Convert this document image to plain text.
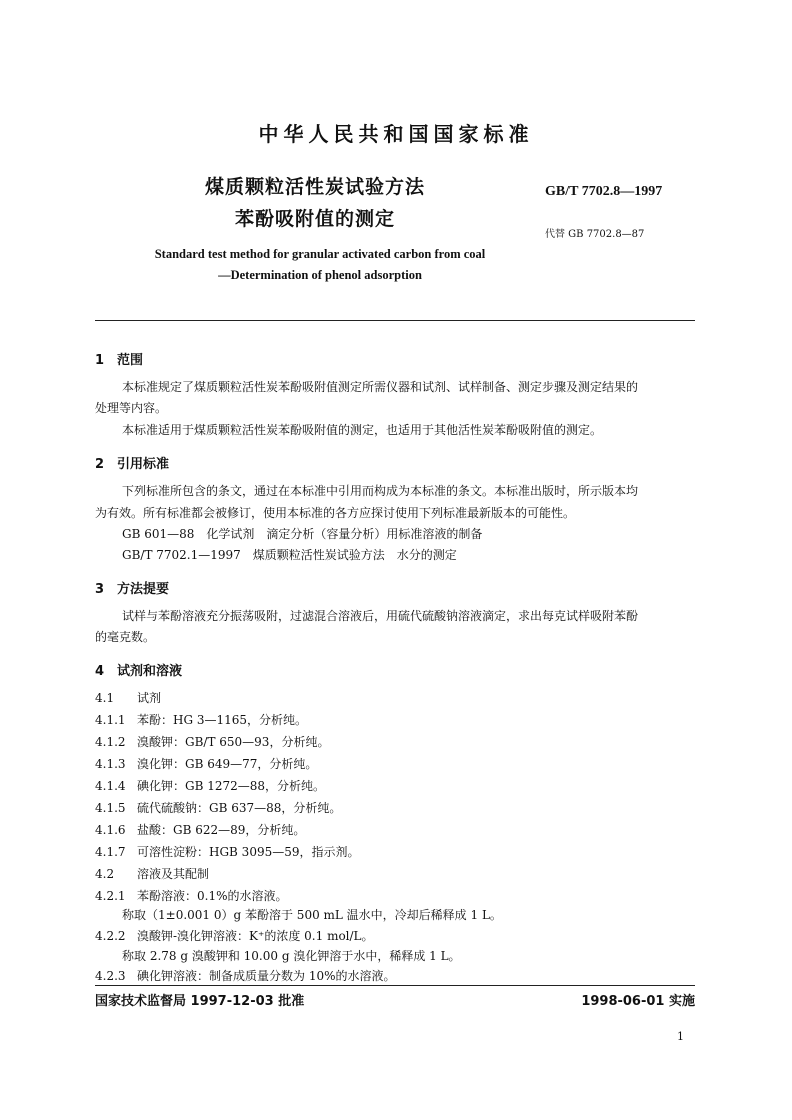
中华人民共和国国家标准
煤质颗粒活性炭试验方法
苯酚吸附值的测定
GB/T 7702.8—1997
代替 GB 7702.8—87
Standard test method for granular activated carbon from coal
—Determination of phenol adsorption
1 范围
本标准规定了煤质颗粒活性炭苯酚吸附值测定所需仪器和试剂、试样制备、测定步骤及测定结果的
处理等内容。
本标准适用于煤质颗粒活性炭苯酚吸附值的测定，也适用于其他活性炭苯酚吸附值的测定。
2 引用标准
下列标准所包含的条文，通过在本标准中引用而构成为本标准的条文。本标准出版时，所示版本均
为有效。所有标准都会被修订，使用本标准的各方应探讨使用下列标准最新版本的可能性。
GB 601—88　化学试剂　滴定分析（容量分析）用标准溶液的制备
GB/T 7702.1—1997　煤质颗粒活性炭试验方法　水分的测定
3 方法提要
试样与苯酚溶液充分振荡吸附，过滤混合溶液后，用硫代硫酸钠溶液滴定，求出每克试样吸附苯酚
的毫克数。
4 试剂和溶液
4.1 试剂
4.1.1 苯酚：HG 3—1165，分析纯。
4.1.2 溴酸钾：GB/T 650—93，分析纯。
4.1.3 溴化钾：GB 649—77，分析纯。
4.1.4 碘化钾：GB 1272—88，分析纯。
4.1.5 硫代硫酸钠：GB 637—88，分析纯。
4.1.6 盐酸：GB 622—89，分析纯。
4.1.7 可溶性淀粉：HGB 3095—59，指示剂。
4.2 溶液及其配制
4.2.1 苯酚溶液：0.1%的水溶液。
称取（1±0.001 0）g 苯酚溶于 500 mL 温水中，冷却后稀释成 1 L。
4.2.2 溴酸钾-溴化钾溶液：K⁺的浓度 0.1 mol/L。
称取 2.78 g 溴酸钾和 10.00 g 溴化钾溶于水中，稀释成 1 L。
4.2.3 碘化钾溶液：制备成质量分数为 10%的水溶液。
国家技术监督局 1997-12-03 批准	1998-06-01 实施
1
